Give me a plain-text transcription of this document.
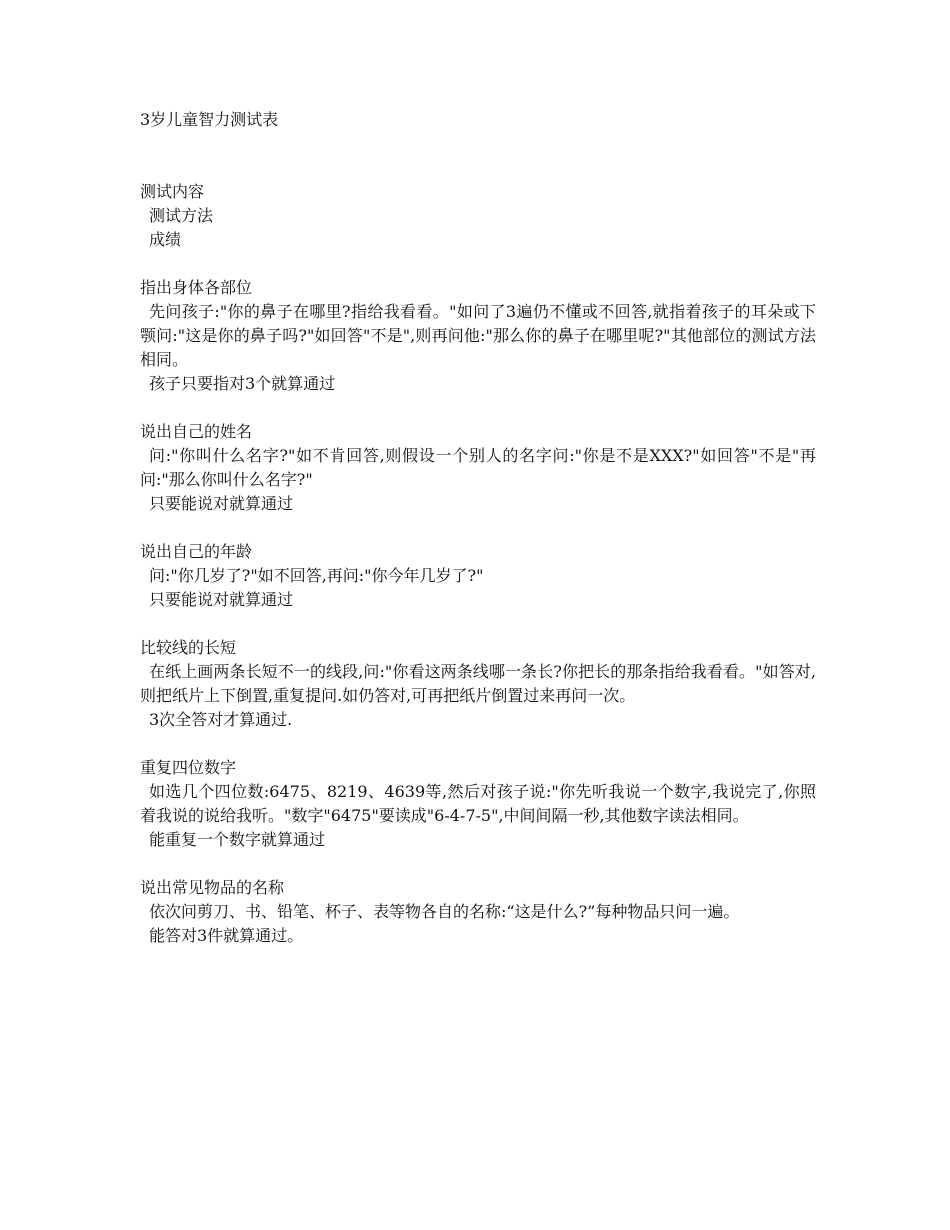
3岁儿童智力测试表

测试内容
测试方法
成绩
指出身体各部位

先问孩子:"你的鼻子在哪里?指给我看看。"如问了3遍仍不懂或不回答,就指着孩子的耳朵或下颚问:"这是你的鼻子吗?"如回答"不是",则再问他:"那么你的鼻子在哪里呢?"其他部位的测试方法相同。

孩子只要指对3个就算通过
说出自己的姓名

问:"你叫什么名字?"如不肯回答,则假设一个别人的名字问:"你是不是XXX?"如回答"不是"再问:"那么你叫什么名字?"

只要能说对就算通过
说出自己的年龄

问:"你几岁了?"如不回答,再问:"你今年几岁了?"

只要能说对就算通过
比较线的长短

在纸上画两条长短不一的线段,问:"你看这两条线哪一条长?你把长的那条指给我看看。"如答对,则把纸片上下倒置,重复提问.如仍答对,可再把纸片倒置过来再问一次。

3次全答对才算通过.
重复四位数字

如选几个四位数:6475、8219、4639等,然后对孩子说:"你先听我说一个数字,我说完了,你照着我说的说给我听。"数字"6475"要读成"6-4-7-5",中间间隔一秒,其他数字读法相同。

能重复一个数字就算通过
说出常见物品的名称

依次问剪刀、书、铅笔、杯子、表等物各自的名称:“这是什么?”每种物品只问一遍。

能答对3件就算通过。
